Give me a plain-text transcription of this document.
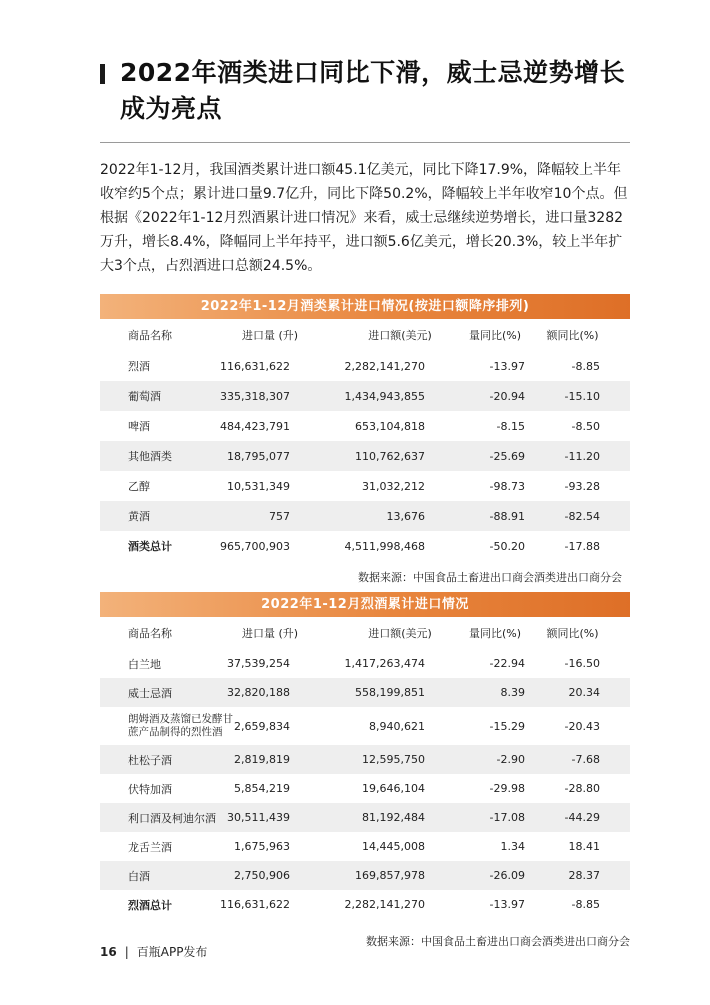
2022年酒类进口同比下滑，威士忌逆势增长成为亮点

2022年1-12月，我国酒类累计进口额45.1亿美元，同比下降17.9%，降幅较上半年收窄约5个点；累计进口量9.7亿升，同比下降50.2%，降幅较上半年收窄10个点。但根据《2022年1-12月烈酒累计进口情况》来看，威士忌继续逆势增长，进口量3282万升，增长8.4%，降幅同上半年持平，进口额5.6亿美元，增长20.3%，较上半年扩大3个点，占烈酒进口总额24.5%。

2022年1-12月酒类累计进口情况(按进口额降序排列)
商品名称	进口量 (升)	进口额(美元)	量同比(%)	额同比(%)
烈酒	116,631,622	2,282,141,270	-13.97	-8.85
葡萄酒	335,318,307	1,434,943,855	-20.94	-15.10
啤酒	484,423,791	653,104,818	-8.15	-8.50
其他酒类	18,795,077	110,762,637	-25.69	-11.20
乙醇	10,531,349	31,032,212	-98.73	-93.28
黄酒	757	13,676	-88.91	-82.54
酒类总计	965,700,903	4,511,998,468	-50.20	-17.88
数据来源：中国食品土畜进出口商会酒类进出口商分会
2022年1-12月烈酒累计进口情况
商品名称	进口量 (升)	进口额(美元)	量同比(%)	额同比(%)
白兰地	37,539,254	1,417,263,474	-22.94	-16.50
威士忌酒	32,820,188	558,199,851	8.39	20.34
朗姆酒及蒸馏已发酵甘蔗产品制得的烈性酒	2,659,834	8,940,621	-15.29	-20.43
杜松子酒	2,819,819	12,595,750	-2.90	-7.68
伏特加酒	5,854,219	19,646,104	-29.98	-28.80
利口酒及柯迪尔酒	30,511,439	81,192,484	-17.08	-44.29
龙舌兰酒	1,675,963	14,445,008	1.34	18.41
白酒	2,750,906	169,857,978	-26.09	28.37
烈酒总计	116,631,622	2,282,141,270	-13.97	-8.85
数据来源：中国食品土畜进出口商会酒类进出口商分会
16 | 百瓶APP发布
